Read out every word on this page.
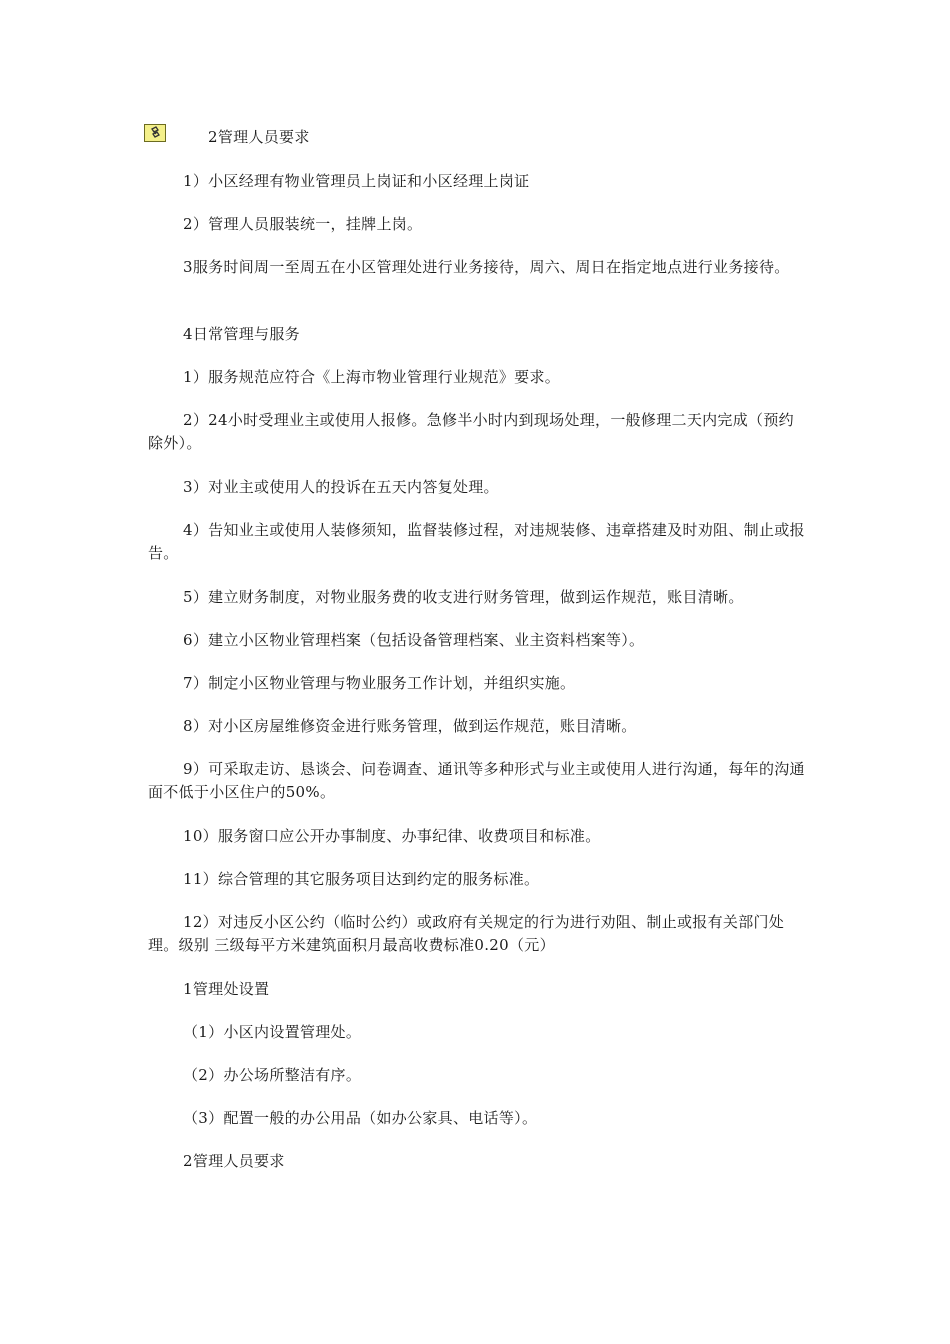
2管理人员要求
1）小区经理有物业管理员上岗证和小区经理上岗证
2）管理人员服装统一，挂牌上岗。
3服务时间周一至周五在小区管理处进行业务接待，周六、周日在指定地点进行业务接待。
4日常管理与服务
1）服务规范应符合《上海市物业管理行业规范》要求。
2）24小时受理业主或使用人报修。急修半小时内到现场处理，一般修理二天内完成（预约除外）。
3）对业主或使用人的投诉在五天内答复处理。
4）告知业主或使用人装修须知，监督装修过程，对违规装修、违章搭建及时劝阻、制止或报告。
5）建立财务制度，对物业服务费的收支进行财务管理，做到运作规范，账目清晰。
6）建立小区物业管理档案（包括设备管理档案、业主资料档案等）。
7）制定小区物业管理与物业服务工作计划，并组织实施。
8）对小区房屋维修资金进行账务管理，做到运作规范，账目清晰。
9）可采取走访、恳谈会、问卷调查、通讯等多种形式与业主或使用人进行沟通，每年的沟通面不低于小区住户的50%。
10）服务窗口应公开办事制度、办事纪律、收费项目和标准。
11）综合管理的其它服务项目达到约定的服务标准。
12）对违反小区公约（临时公约）或政府有关规定的行为进行劝阻、制止或报有关部门处理。级别 三级每平方米建筑面积月最高收费标准0.20（元）
1管理处设置
（1）小区内设置管理处。
（2）办公场所整洁有序。
（3）配置一般的办公用品（如办公家具、电话等）。
2管理人员要求
